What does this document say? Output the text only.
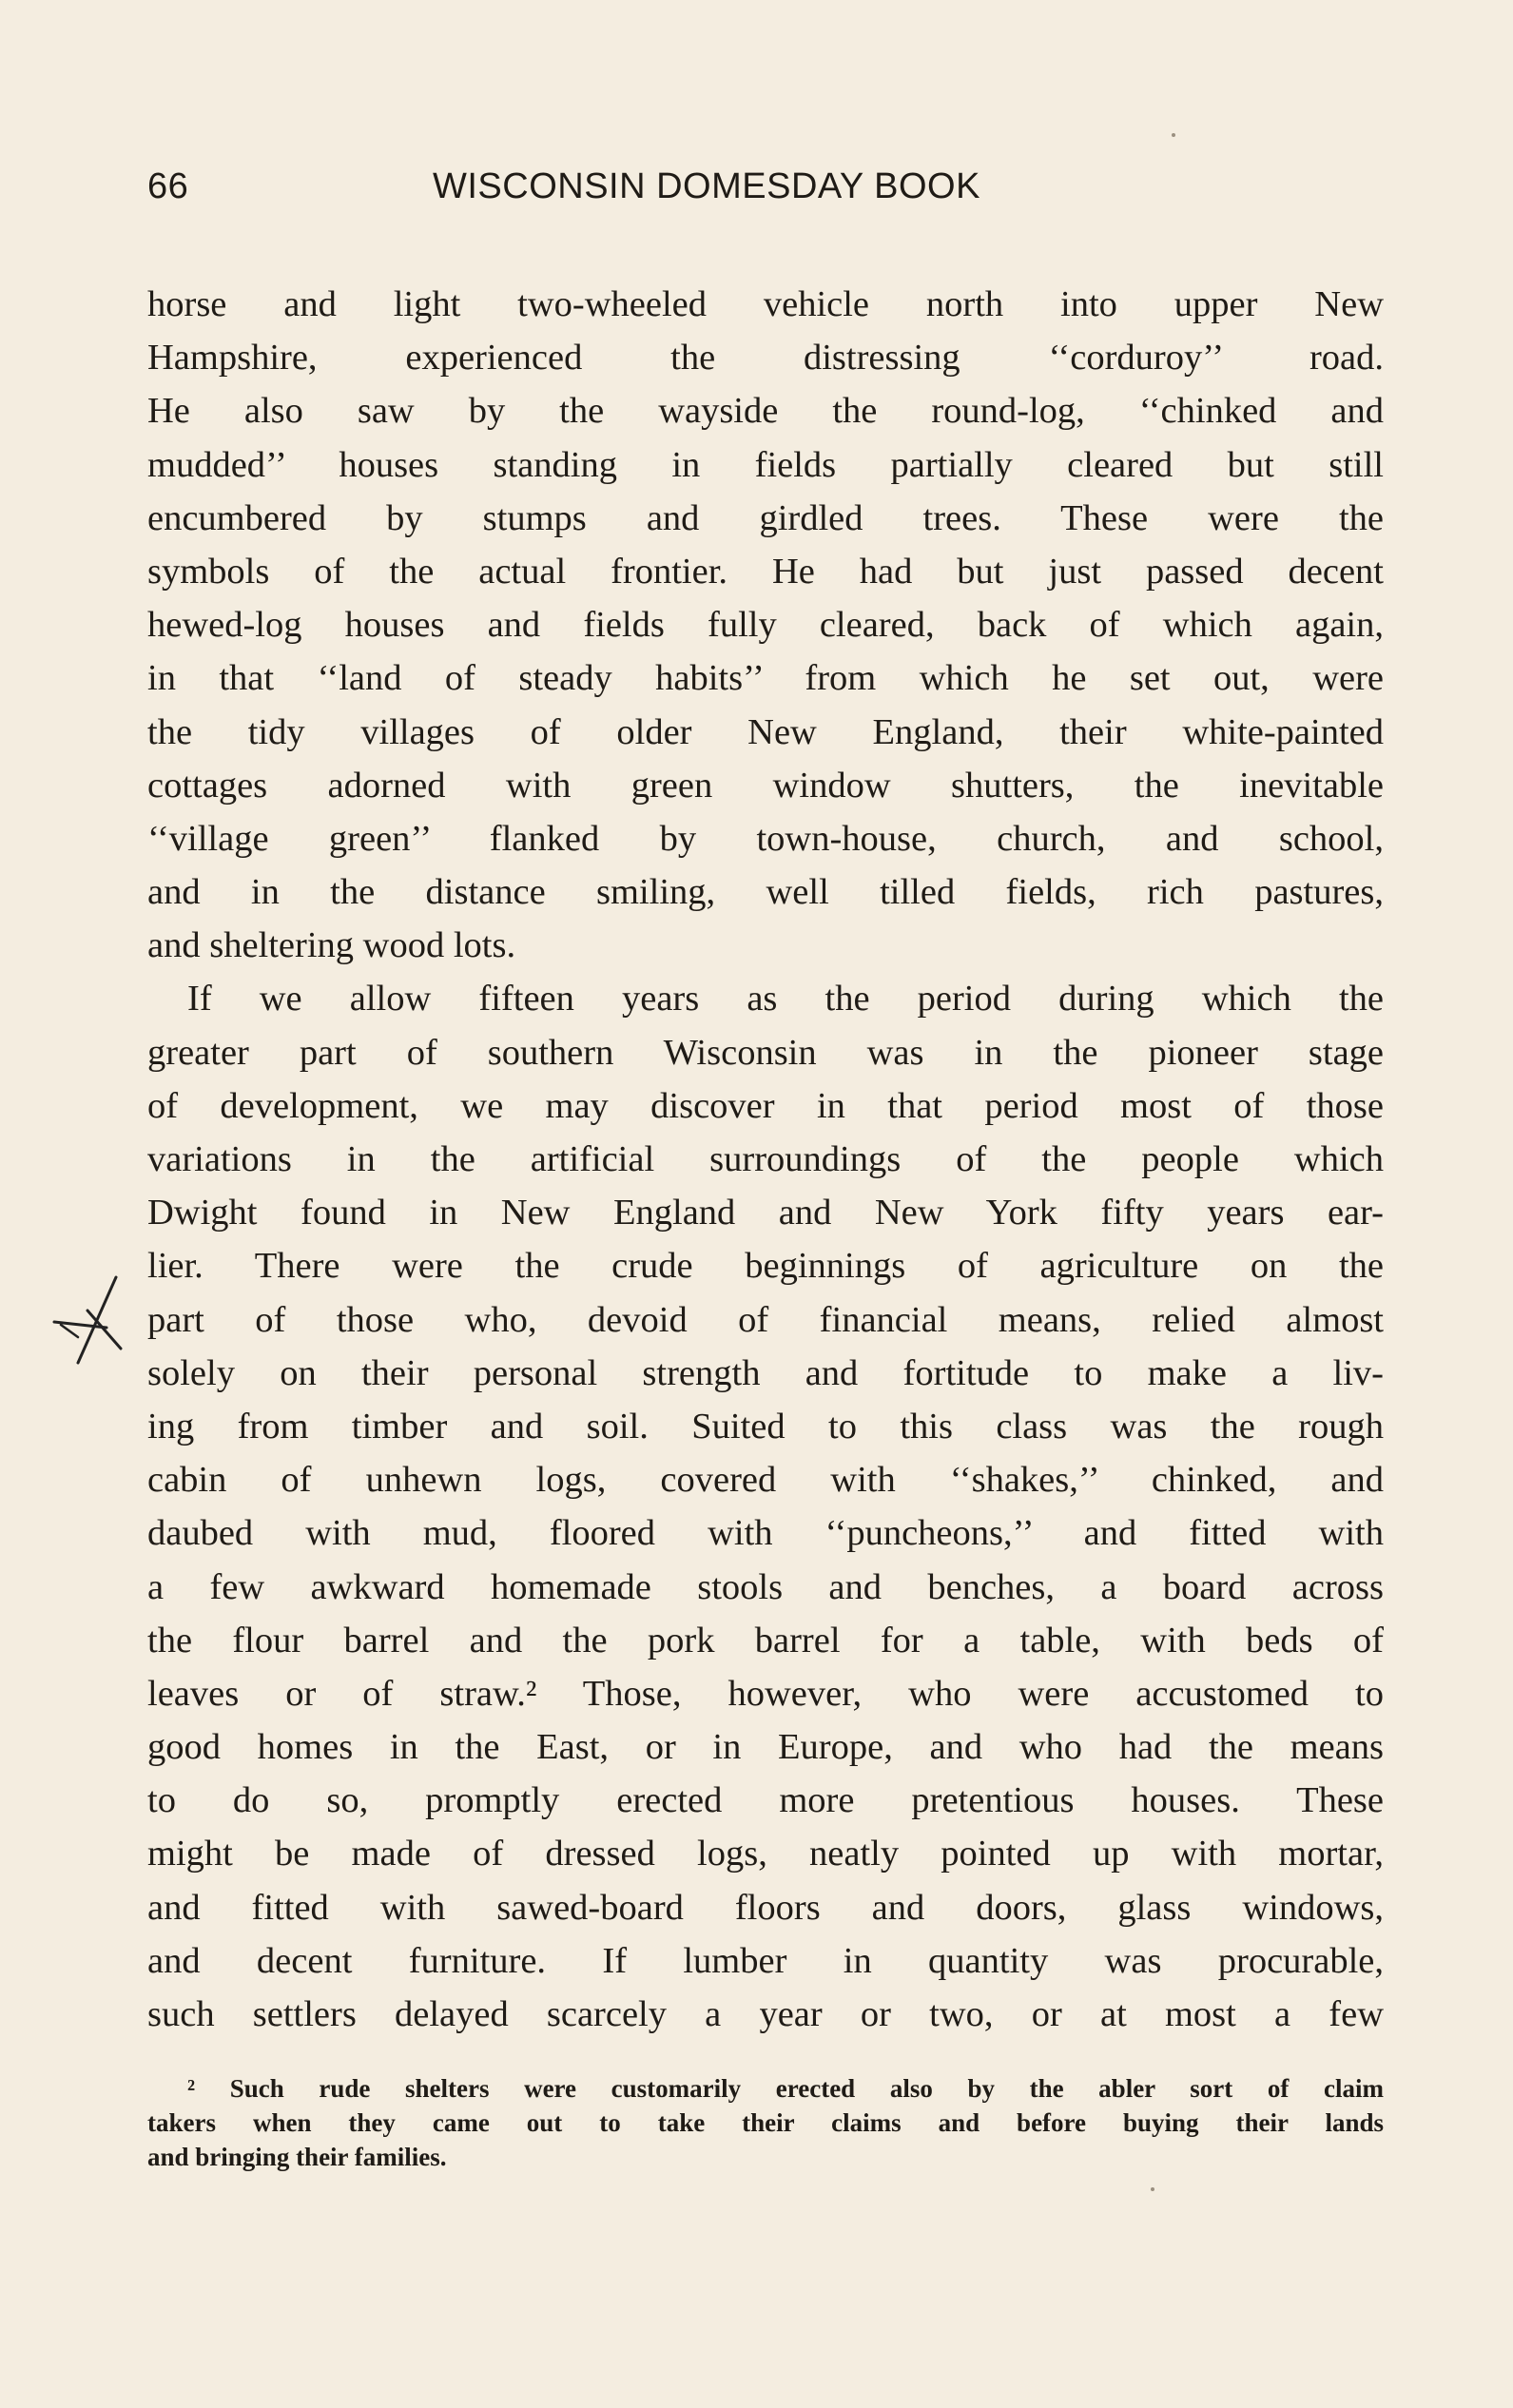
66	WISCONSIN DOMESDAY BOOK
horse and light two-wheeled vehicle north into upper New
Hampshire, experienced the distressing ‘‘corduroy’’ road.
He also saw by the wayside the round-log, ‘‘chinked and
mudded’’ houses standing in fields partially cleared but still
encumbered by stumps and girdled trees. These were the
symbols of the actual frontier. He had but just passed decent
hewed-log houses and fields fully cleared, back of which again,
in that ‘‘land of steady habits’’ from which he set out, were
the tidy villages of older New England, their white-painted
cottages adorned with green window shutters, the inevitable
‘‘village green’’ flanked by town-house, church, and school,
and in the distance smiling, well tilled fields, rich pastures,
and sheltering wood lots.
If we allow fifteen years as the period during which the
greater part of southern Wisconsin was in the pioneer stage
of development, we may discover in that period most of those
variations in the artificial surroundings of the people which
Dwight found in New England and New York fifty years ear-
lier. There were the crude beginnings of agriculture on the
part of those who, devoid of financial means, relied almost
solely on their personal strength and fortitude to make a liv-
ing from timber and soil. Suited to this class was the rough
cabin of unhewn logs, covered with ‘‘shakes,’’ chinked, and
daubed with mud, floored with ‘‘puncheons,’’ and fitted with
a few awkward homemade stools and benches, a board across
the flour barrel and the pork barrel for a table, with beds of
leaves or of straw.² Those, however, who were accustomed to
good homes in the East, or in Europe, and who had the means
to do so, promptly erected more pretentious houses. These
might be made of dressed logs, neatly pointed up with mortar,
and fitted with sawed-board floors and doors, glass windows,
and decent furniture. If lumber in quantity was procurable,
such settlers delayed scarcely a year or two, or at most a few
² Such rude shelters were customarily erected also by the abler sort of claim
takers when they came out to take their claims and before buying their lands
and bringing their families.
